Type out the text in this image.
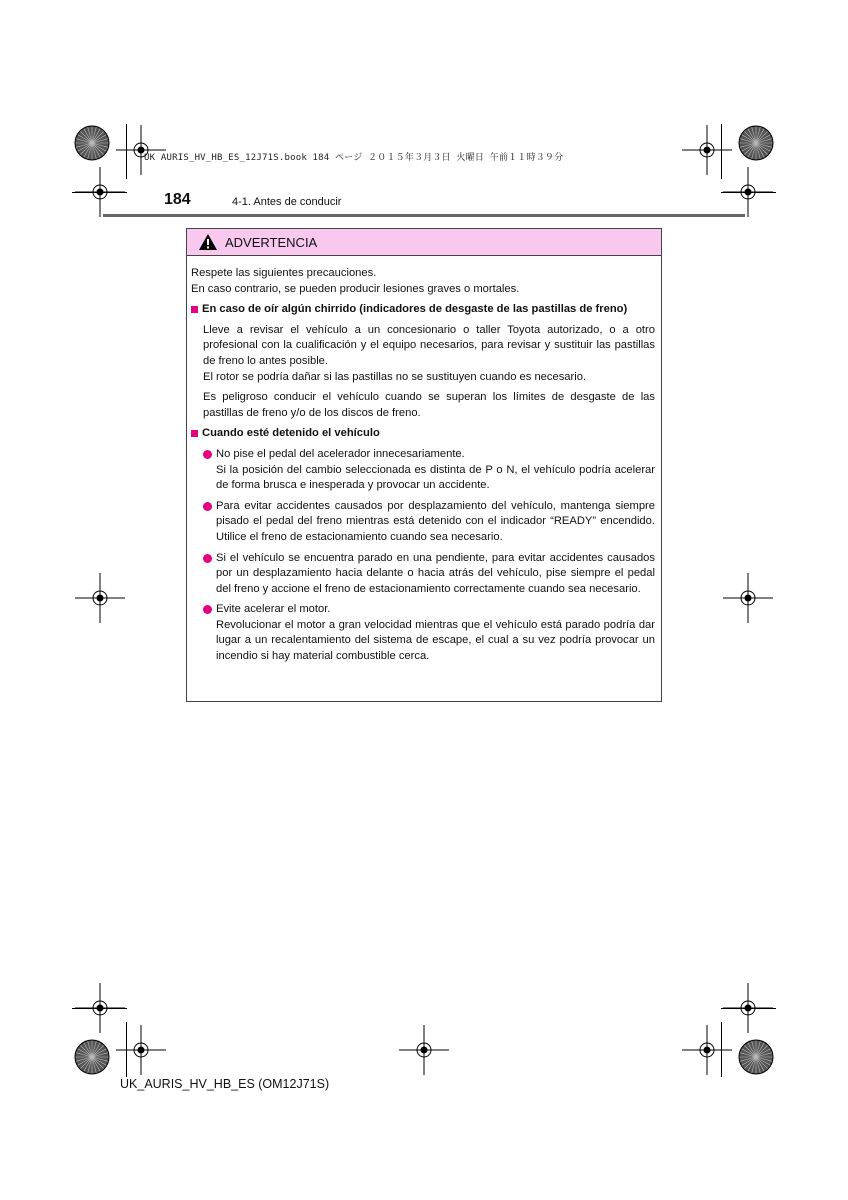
UK AURIS_HV_HB_ES_12J71S.book 184 ページ ２０１５年３月３日 火曜日 午前１１時３９分
184	4-1. Antes de conducir
ADVERTENCIA

Respete las siguientes precauciones.

En caso contrario, se pueden producir lesiones graves o mortales.

En caso de oír algún chirrido (indicadores de desgaste de las pastillas de freno)

Lleve a revisar el vehículo a un concesionario o taller Toyota autorizado, o a otro profesional con la cualificación y el equipo necesarios, para revisar y sustituir las pastillas de freno lo antes posible.

El rotor se podría dañar si las pastillas no se sustituyen cuando es necesario.

Es peligroso conducir el vehículo cuando se superan los límites de desgaste de las pastillas de freno y/o de los discos de freno.

Cuando esté detenido el vehículo

No pise el pedal del acelerador innecesariamente.

Si la posición del cambio seleccionada es distinta de P o N, el vehículo podría acelerar de forma brusca e inesperada y provocar un accidente.

Para evitar accidentes causados por desplazamiento del vehículo, mantenga siempre pisado el pedal del freno mientras está detenido con el indicador “READY” encendido. Utilice el freno de estacionamiento cuando sea necesario.

Si el vehículo se encuentra parado en una pendiente, para evitar accidentes causados por un desplazamiento hacia delante o hacia atrás del vehículo, pise siempre el pedal del freno y accione el freno de estacionamiento correctamente cuando sea necesario.

Evite acelerar el motor.

Revolucionar el motor a gran velocidad mientras que el vehículo está parado podría dar lugar a un recalentamiento del sistema de escape, el cual a su vez podría provocar un incendio si hay material combustible cerca.

UK_AURIS_HV_HB_ES (OM12J71S)
